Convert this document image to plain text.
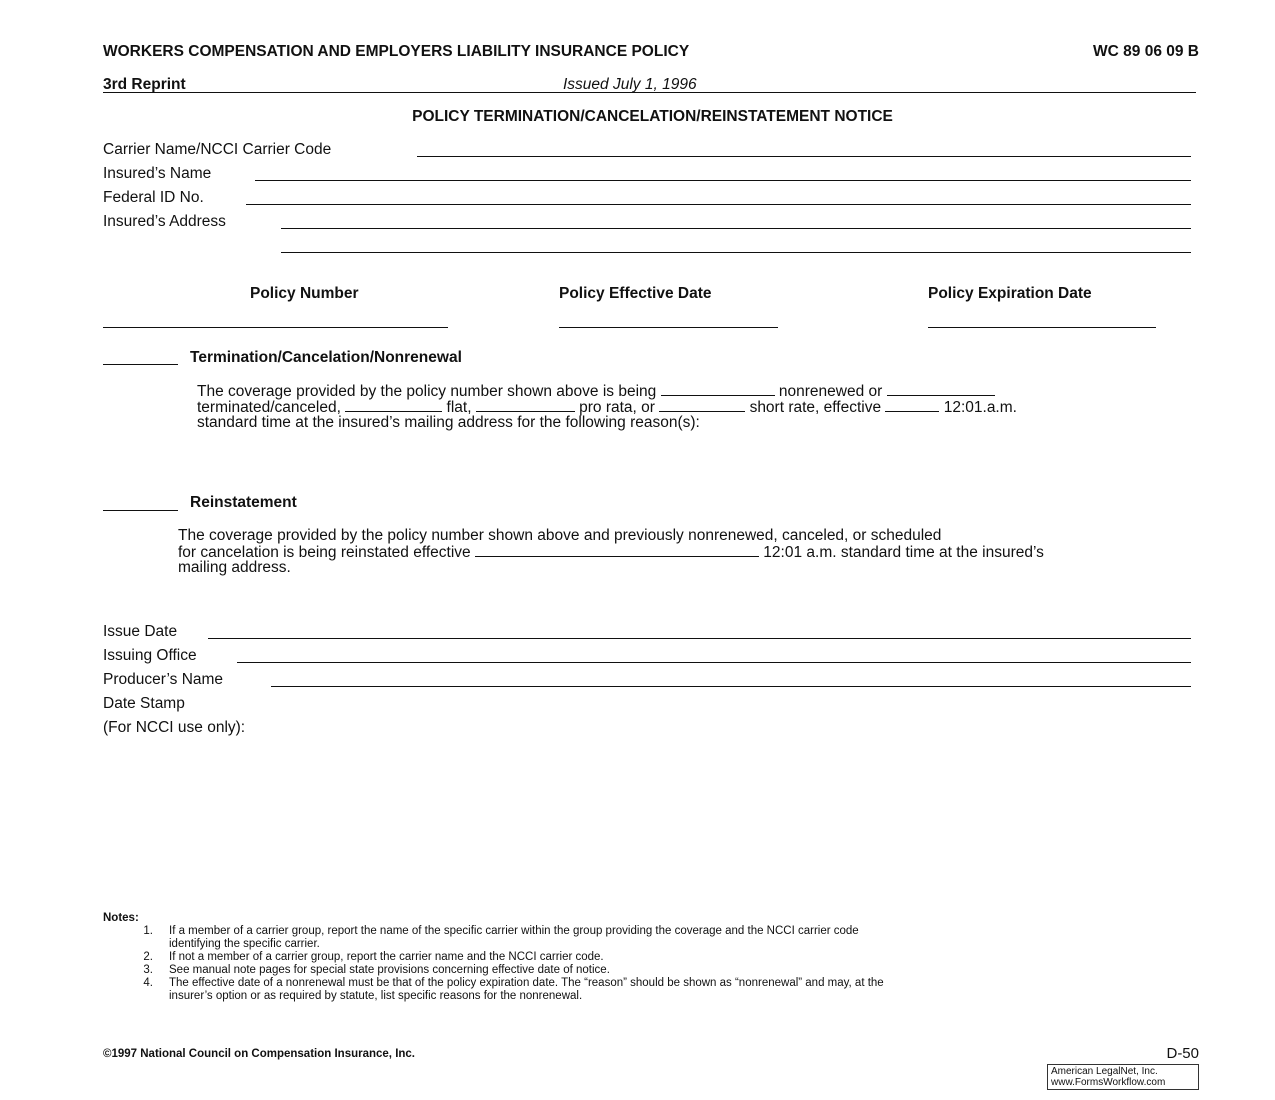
WORKERS COMPENSATION AND EMPLOYERS LIABILITY INSURANCE POLICY	WC 89 06 09 B
3rd Reprint	Issued July 1, 1996
POLICY TERMINATION/CANCELATION/REINSTATEMENT NOTICE
Carrier Name/NCCI Carrier Code
Insured’s Name
Federal ID No.
Insured’s Address
Policy Number	Policy Effective Date	Policy Expiration Date
Termination/Cancelation/Nonrenewal
The coverage provided by the policy number shown above is being	nonrenewed or
terminated/canceled,	flat,	pro rata, or	short rate, effective	12:01.a.m.
standard time at the insured’s mailing address for the following reason(s):
Reinstatement
The coverage provided by the policy number shown above and previously nonrenewed, canceled, or scheduled
for cancelation is being reinstated effective	12:01 a.m. standard time at the insured’s
mailing address.
Issue Date
Issuing Office
Producer’s Name
Date Stamp
(For NCCI use only):
Notes:
1. If a member of a carrier group, report the name of the specific carrier within the group providing the coverage and the NCCI carrier code
identifying the specific carrier.
2. If not a member of a carrier group, report the carrier name and the NCCI carrier code.
3. See manual note pages for special state provisions concerning effective date of notice.
4. The effective date of a nonrenewal must be that of the policy expiration date. The “reason” should be shown as “nonrenewal” and may, at the
insurer’s option or as required by statute, list specific reasons for the nonrenewal.
©1997 National Council on Compensation Insurance, Inc.	D-50
American LegalNet, Inc.
www.FormsWorkflow.com
